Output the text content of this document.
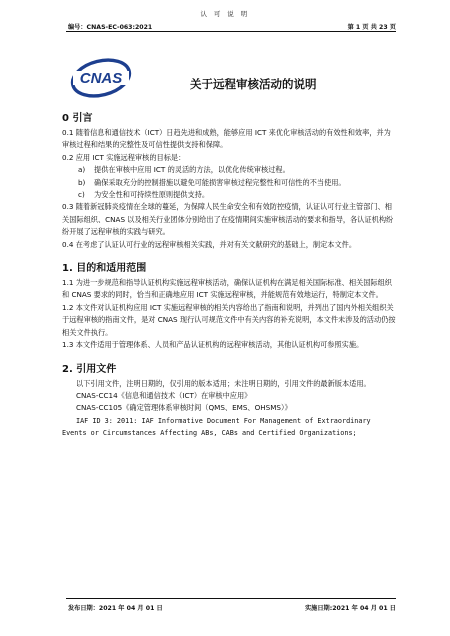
认 可 说 明
编号：CNAS-EC-063:2021	第 1 页 共 23 页
CNAS	关于远程审核活动的说明
0 引言

0.1 随着信息和通信技术（ICT）日趋先进和成熟，能够应用 ICT 来优化审核活动的有效性和效率，并为审核过程和结果的完整性及可信性提供支持和保障。

0.2 应用 ICT 实施远程审核的目标是：

a) 提供在审核中应用 ICT 的灵活的方法，以优化传统审核过程。

b) 确保采取充分的控制措施以避免可能损害审核过程完整性和可信性的不当使用。

c) 为安全性和可持续性原则提供支持。

0.3 随着新冠肺炎疫情在全球的蔓延，为保障人民生命安全和有效防控疫情，认证认可行业主管部门、相关国际组织、CNAS 以及相关行业团体分别给出了在疫情期间实施审核活动的要求和指导，各认证机构纷纷开展了远程审核的实践与研究。

0.4 在考虑了认证认可行业的远程审核相关实践，并对有关文献研究的基础上，制定本文件。

1. 目的和适用范围

1.1 为进一步规范和指导认证机构实施远程审核活动，确保认证机构在满足相关国际标准、相关国际组织和 CNAS 要求的同时，恰当和正确地应用 ICT 实施远程审核，并能规范有效地运行，特制定本文件。

1.2 本文件对认证机构应用 ICT 实施远程审核的相关内容给出了指南和说明，并列出了国内外相关组织关于远程审核的指南文件，是对 CNAS 现行认可规范文件中有关内容的补充说明，本文件未涉及的活动仍按相关文件执行。

1.3 本文件适用于管理体系、人员和产品认证机构的远程审核活动，其他认证机构可参照实施。

2. 引用文件

以下引用文件，注明日期的，仅引用的版本适用；未注明日期的，引用文件的最新版本适用。

CNAS-CC14《信息和通信技术（ICT）在审核中应用》

CNAS-CC105《确定管理体系审核时间（QMS、EMS、OHSMS）》

IAF ID 3: 2011: IAF Informative Document For Management of Extraordinary

Events or Circumstances Affecting ABs, CABs and Certified Organizations;

发布日期：2021 年 04 月 01 日	实施日期:2021 年 04 月 01 日
